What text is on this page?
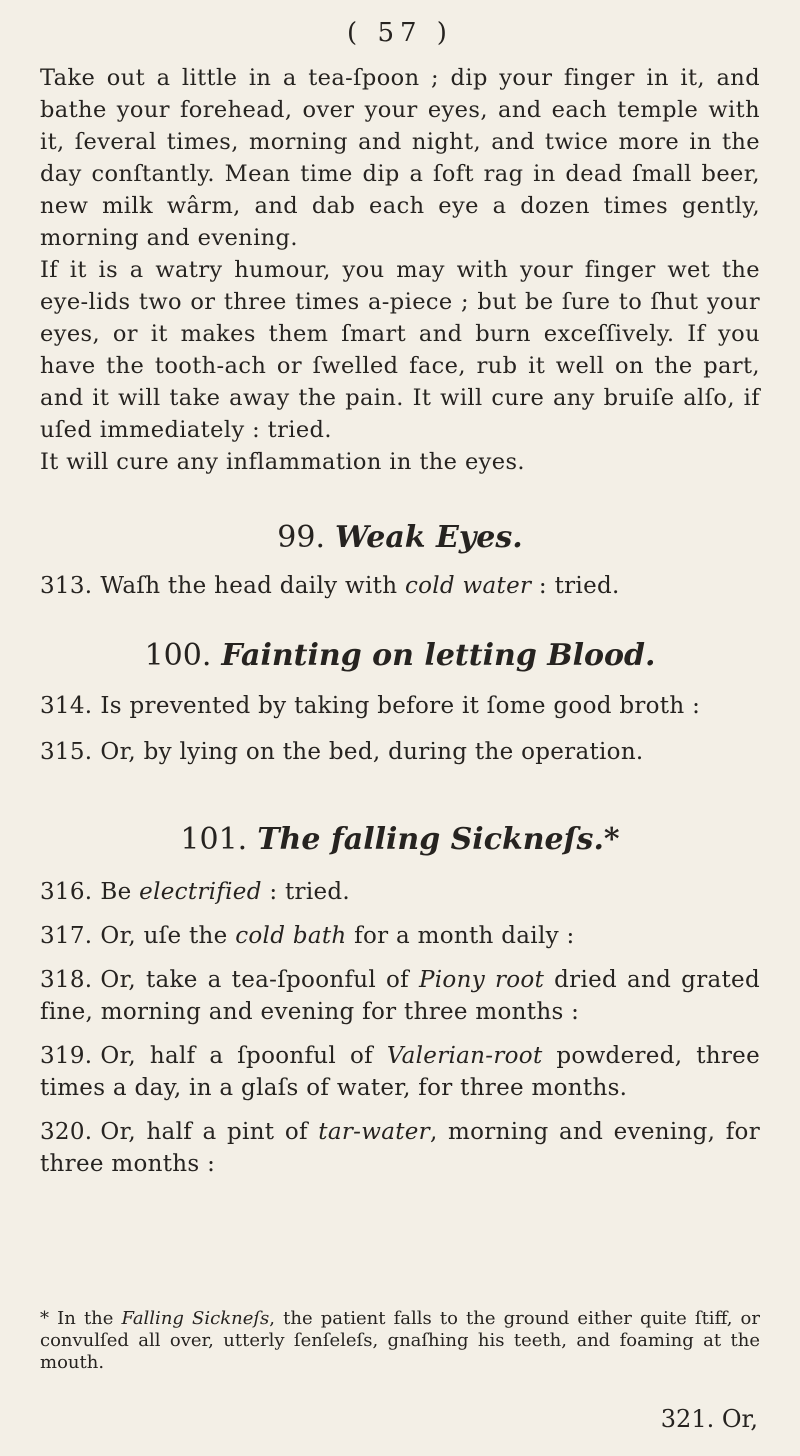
( 57 )

Take out a little in a tea-ſpoon ; dip your finger in it, and bathe your forehead, over your eyes, and each temple with it, ſeveral times, morning and night, and twice more in the day conſtantly. Mean time dip a ſoft rag in dead ſmall beer, new milk wârm, and dab each eye a dozen times gently, morning and evening.

If it is a watry humour, you may with your finger wet the eye-lids two or three times a-piece ; but be ſure to ſhut your eyes, or it makes them ſmart and burn exceſſively. If you have the tooth-ach or ſwelled face, rub it well on the part, and it will take away the pain. It will cure any bruiſe alſo, if uſed immediately : tried.

It will cure any inflammation in the eyes.

99. Weak Eyes.

313. Waſh the head daily with cold water : tried.

100. Fainting on letting Blood.

314. Is prevented by taking before it ſome good broth :

315. Or, by lying on the bed, during the operation.

101. The falling Sickneſs.*

316. Be electrified : tried.

317. Or, uſe the cold bath for a month daily :

318. Or, take a tea-ſpoonful of Piony root dried and grated fine, morning and evening for three months :

319. Or, half a ſpoonful of Valerian-root powdered, three times a day, in a glaſs of water, for three months.

320. Or, half a pint of tar-water, morning and evening, for three months :

* In the Falling Sickneſs, the patient falls to the ground either quite ſtiff, or convulſed all over, utterly ſenſeleſs, gnaſhing his teeth, and foaming at the mouth.

321. Or,
